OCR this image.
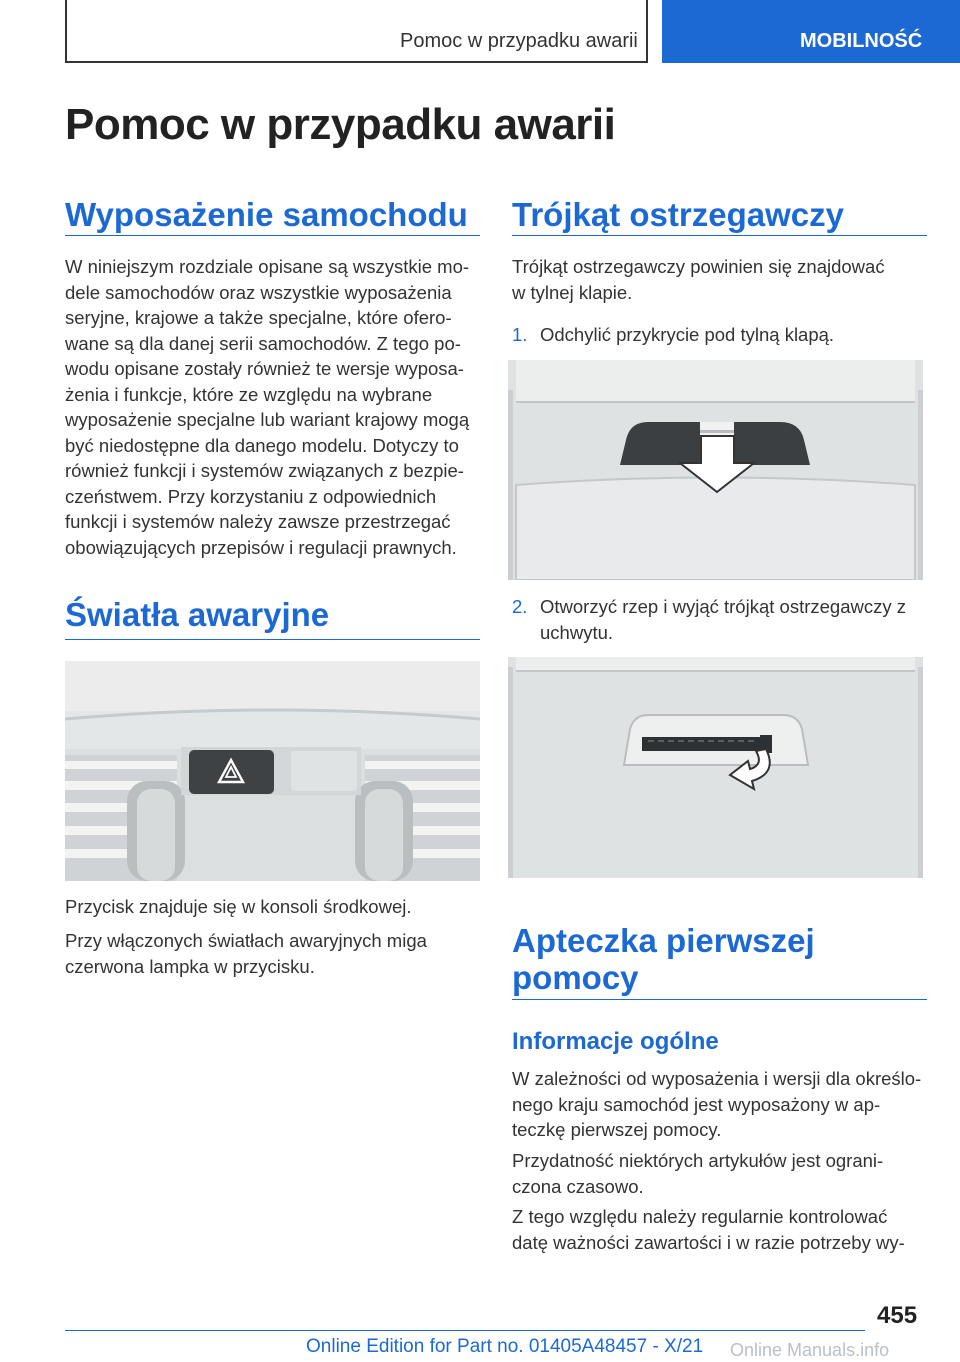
Pomoc w przypadku awarii	MOBILNOŚĆ
Pomoc w przypadku awarii
Wyposażenie samochodu

W niniejszym rozdziale opisane są wszystkie mo-
dele samochodów oraz wszystkie wyposażenia
seryjne, krajowe a także specjalne, które ofero-
wane są dla danej serii samochodów. Z tego po-
wodu opisane zostały również te wersje wyposa-
żenia i funkcje, które ze względu na wybrane
wyposażenie specjalne lub wariant krajowy mogą
być niedostępne dla danego modelu. Dotyczy to
również funkcji i systemów związanych z bezpie-
czeństwem. Przy korzystaniu z odpowiednich
funkcji i systemów należy zawsze przestrzegać
obowiązujących przepisów i regulacji prawnych.

Światła awaryjne

Przycisk znajduje się w konsoli środkowej.

Przy włączonych światłach awaryjnych miga
czerwona lampka w przycisku.

Trójkąt ostrzegawczy

Trójkąt ostrzegawczy powinien się znajdować
w tylnej klapie.

1. Odchylić przykrycie pod tylną klapą.
2. Otworzyć rzep i wyjąć trójkąt ostrzegawczy z
uchwytu.
Apteczka pierwszej
pomocy
Informacje ogólne

W zależności od wyposażenia i wersji dla określo-
nego kraju samochód jest wyposażony w ap-
teczkę pierwszej pomocy.

Przydatność niektórych artykułów jest ograni-
czona czasowo.

Z tego względu należy regularnie kontrolować
datę ważności zawartości i w razie potrzeby wy-

455
Online Edition for Part no. 01405A48457 - X/21 Online Manuals.info
